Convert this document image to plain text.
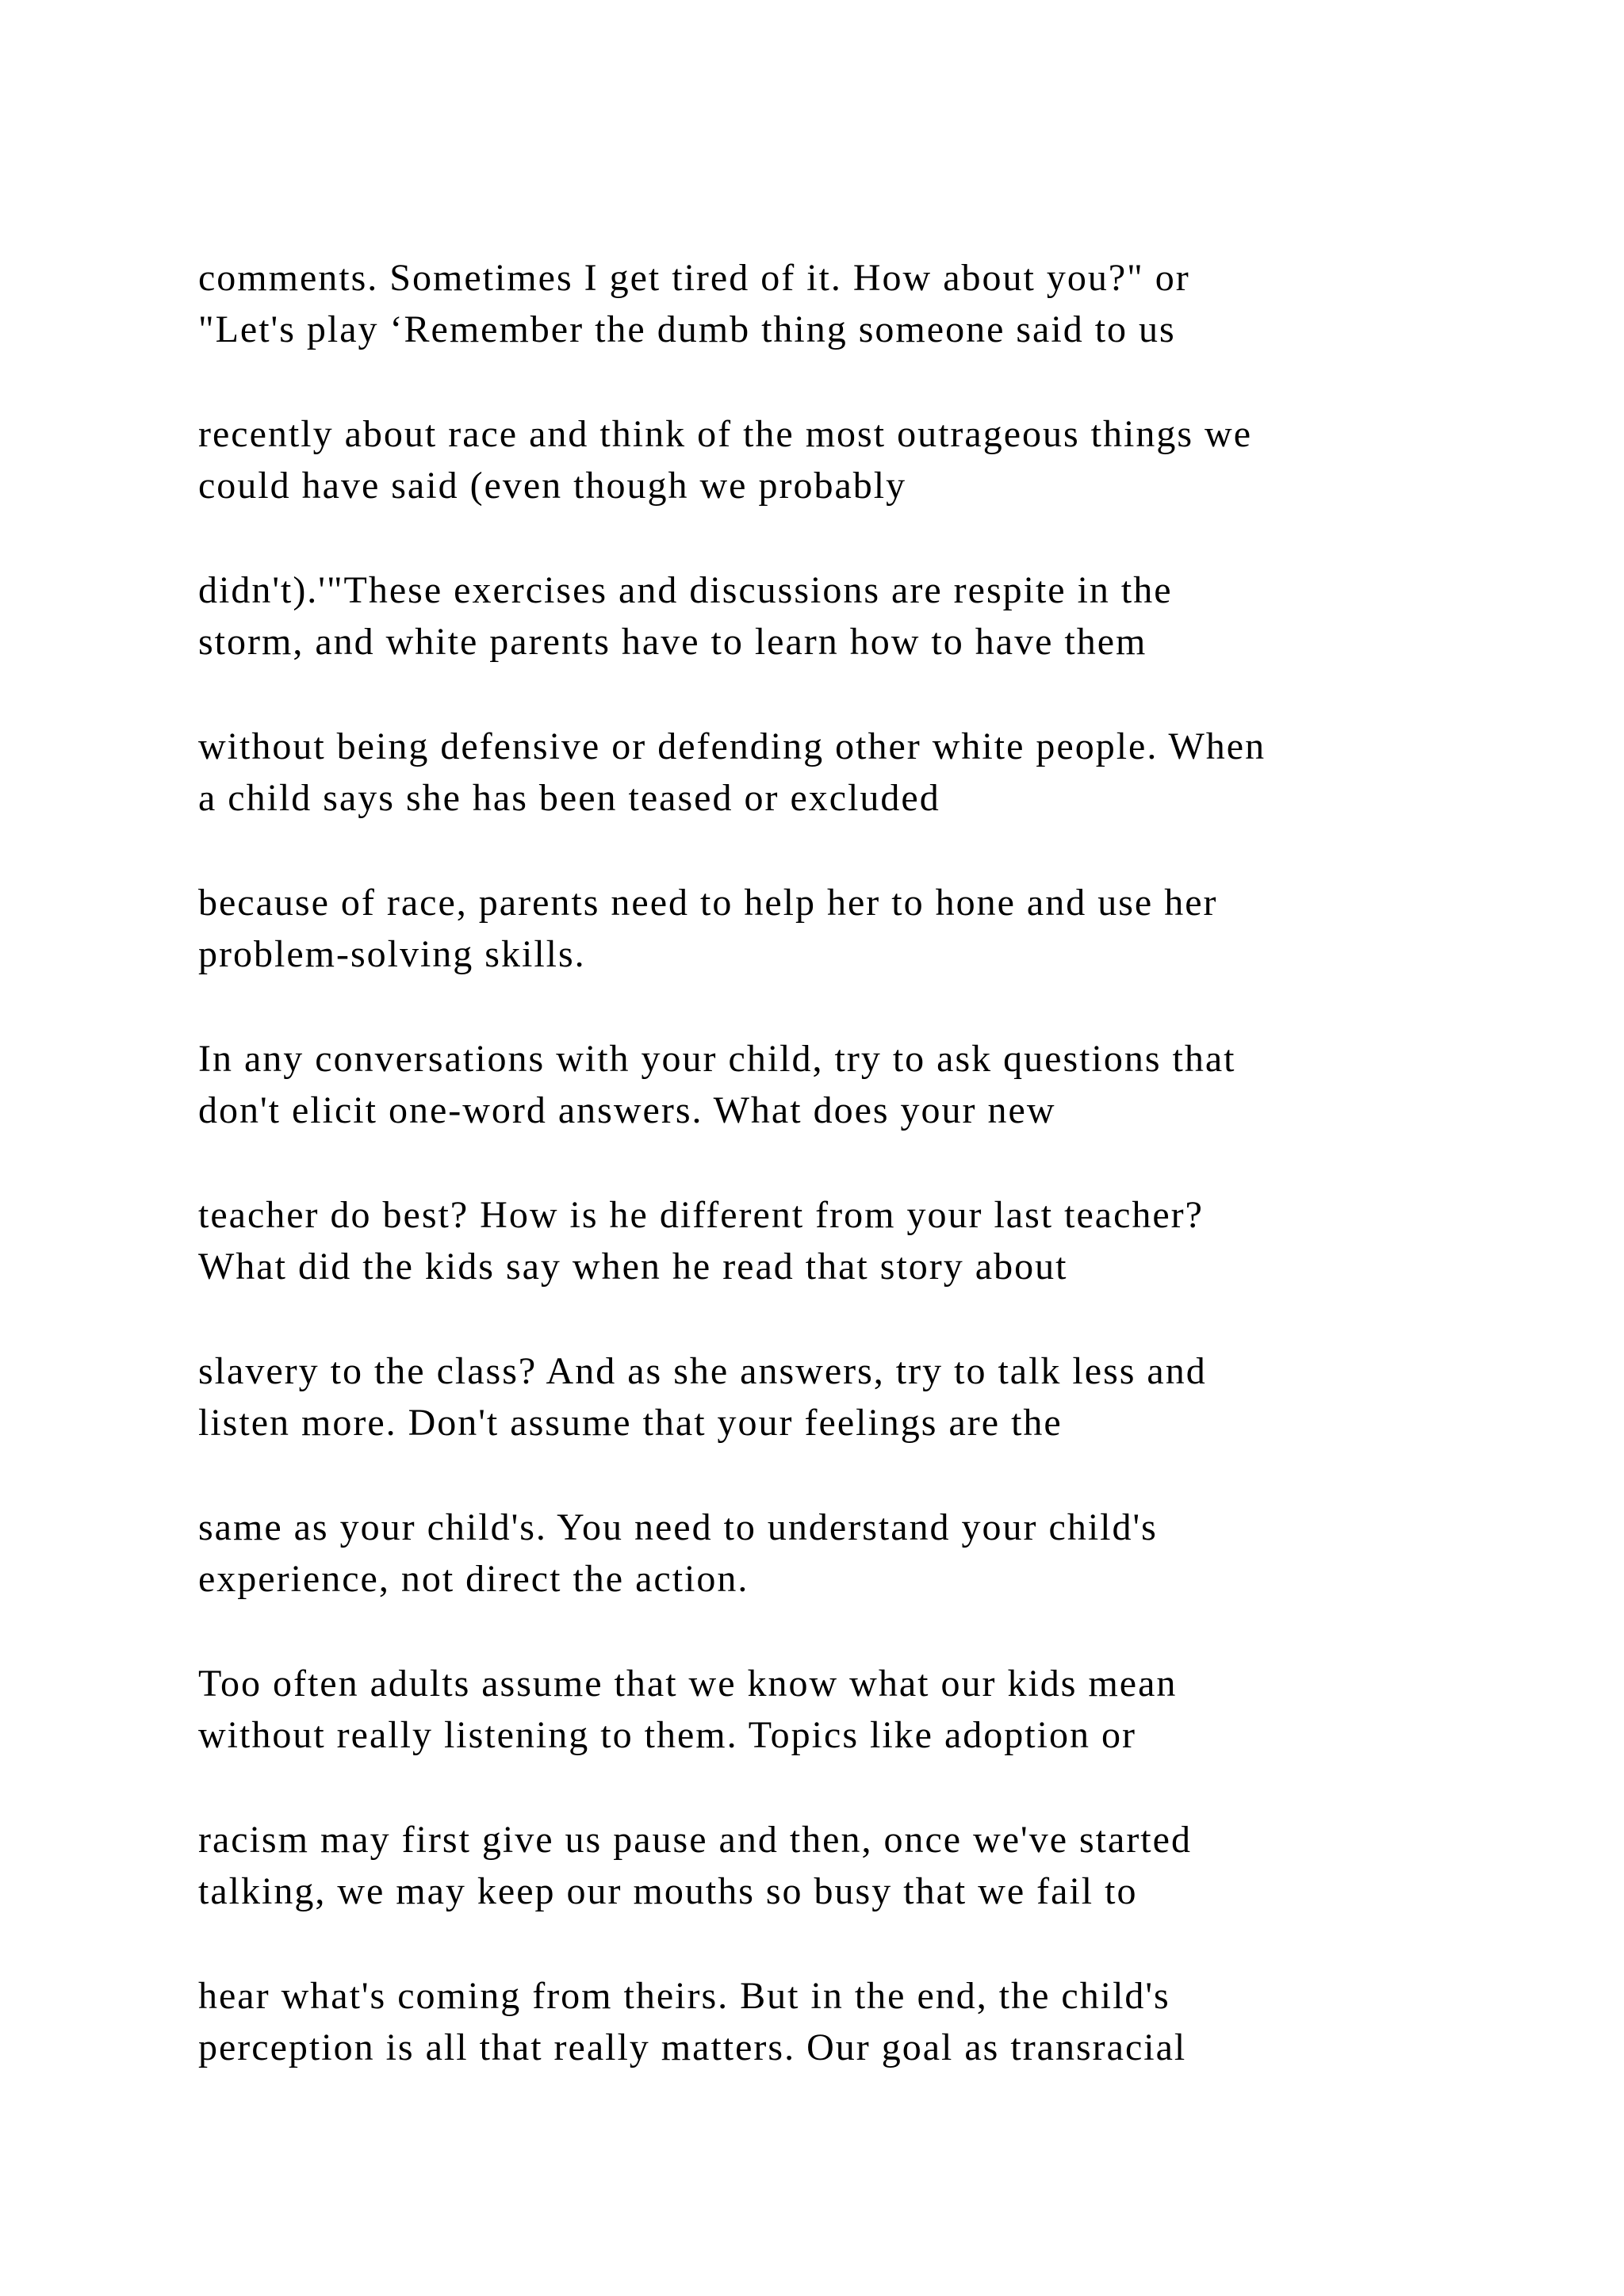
comments. Sometimes I get tired of it. How about you?" or
"Let's play ‘Remember the dumb thing someone said to us

recently about race and think of the most outrageous things we
could have said (even though we probably

didn't).'"These exercises and discussions are respite in the
storm, and white parents have to learn how to have them

without being defensive or defending other white people. When
a child says she has been teased or excluded

because of race, parents need to help her to hone and use her
problem-solving skills.

In any conversations with your child, try to ask questions that
don't elicit one-word answers. What does your new

teacher do best? How is he different from your last teacher?
What did the kids say when he read that story about

slavery to the class? And as she answers, try to talk less and
listen more. Don't assume that your feelings are the

same as your child's. You need to understand your child's
experience, not direct the action.

Too often adults assume that we know what our kids mean
without really listening to them. Topics like adoption or

racism may first give us pause and then, once we've started
talking, we may keep our mouths so busy that we fail to

hear what's coming from theirs. But in the end, the child's
perception is all that really matters. Our goal as transracial
